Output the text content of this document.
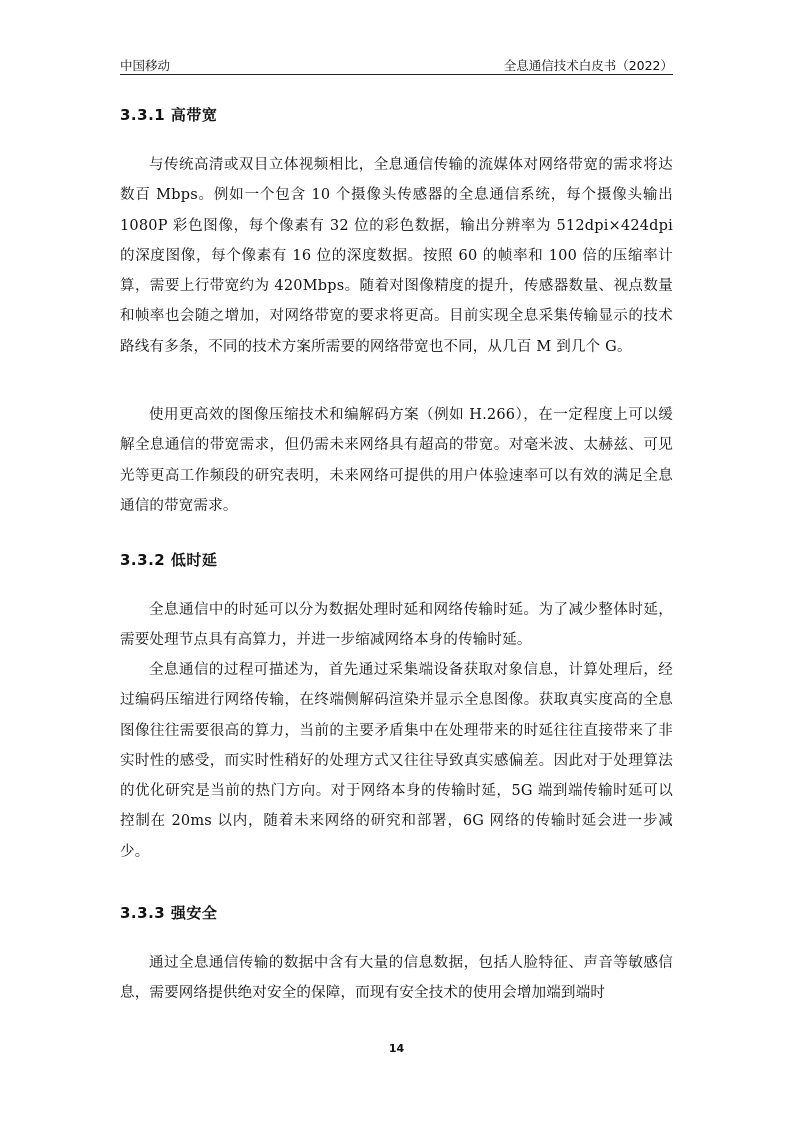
中国移动	全息通信技术白皮书（2022）
3.3.1 高带宽

与传统高清或双目立体视频相比，全息通信传输的流媒体对网络带宽的需求将达数百 Mbps。例如一个包含 10 个摄像头传感器的全息通信系统，每个摄像头输出 1080P 彩色图像，每个像素有 32 位的彩色数据，输出分辨率为 512dpi×424dpi 的深度图像，每个像素有 16 位的深度数据。按照 60 的帧率和 100 倍的压缩率计算，需要上行带宽约为 420Mbps。随着对图像精度的提升，传感器数量、视点数量和帧率也会随之增加，对网络带宽的要求将更高。目前实现全息采集传输显示的技术路线有多条，不同的技术方案所需要的网络带宽也不同，从几百 M 到几个 G。

使用更高效的图像压缩技术和编解码方案（例如 H.266），在一定程度上可以缓解全息通信的带宽需求，但仍需未来网络具有超高的带宽。对毫米波、太赫兹、可见光等更高工作频段的研究表明，未来网络可提供的用户体验速率可以有效的满足全息通信的带宽需求。

3.3.2 低时延

全息通信中的时延可以分为数据处理时延和网络传输时延。为了减少整体时延，需要处理节点具有高算力，并进一步缩减网络本身的传输时延。

全息通信的过程可描述为，首先通过采集端设备获取对象信息，计算处理后，经过编码压缩进行网络传输，在终端侧解码渲染并显示全息图像。获取真实度高的全息图像往往需要很高的算力，当前的主要矛盾集中在处理带来的时延往往直接带来了非实时性的感受，而实时性稍好的处理方式又往往导致真实感偏差。因此对于处理算法的优化研究是当前的热门方向。对于网络本身的传输时延，5G 端到端传输时延可以控制在 20ms 以内，随着未来网络的研究和部署，6G 网络的传输时延会进一步减少。

3.3.3 强安全

通过全息通信传输的数据中含有大量的信息数据，包括人脸特征、声音等敏感信息，需要网络提供绝对安全的保障，而现有安全技术的使用会增加端到端时

14
